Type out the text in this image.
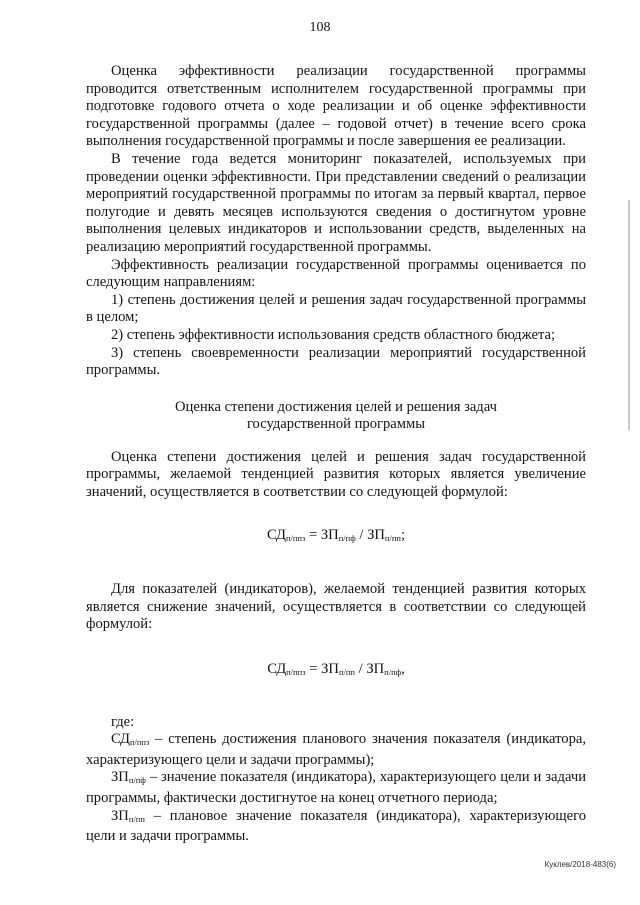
108

Оценка эффективности реализации государственной программы проводится ответственным исполнителем государственной программы при подготовке годового отчета о ходе реализации и об оценке эффективности государственной программы (далее – годовой отчет) в течение всего срока выполнения государственной программы и после завершения ее реализации.

В течение года ведется мониторинг показателей, используемых при проведении оценки эффективности. При представлении сведений о реализации мероприятий государственной программы по итогам за первый квартал, первое полугодие и девять месяцев используются сведения о достигнутом уровне выполнения целевых индикаторов и использовании средств, выделенных на реализацию мероприятий государственной программы.

Эффективность реализации государственной программы оценивается по следующим направлениям:

1) степень достижения целей и решения задач государственной программы в целом;

2) степень эффективности использования средств областного бюджета;

3) степень своевременности реализации мероприятий государственной программы.

Оценка степени достижения целей и решения задач
государственной программы

Оценка степени достижения целей и решения задач государственной программы, желаемой тенденцией развития которых является увеличение значений, осуществляется в соответствии со следующей формулой:

$СД_{п/ппз} = ЗП_{п/пф} / ЗП_{п/пп}$;

Для показателей (индикаторов), желаемой тенденцией развития которых является снижение значений, осуществляется в соответствии со следующей формулой:

$СД_{п/ппз} = ЗП_{п/пп} / ЗП_{п/пф}$,

где:

$СД_{п/ппз}$ – степень достижения планового значения показателя (индикатора, характеризующего цели и задачи программы);

$ЗП_{п/пф}$ – значение показателя (индикатора), характеризующего цели и задачи программы, фактически достигнутое на конец отчетного периода;

$ЗП_{п/пп}$ – плановое значение показателя (индикатора), характеризующего цели и задачи программы.

Куклев/2018-483(6)
